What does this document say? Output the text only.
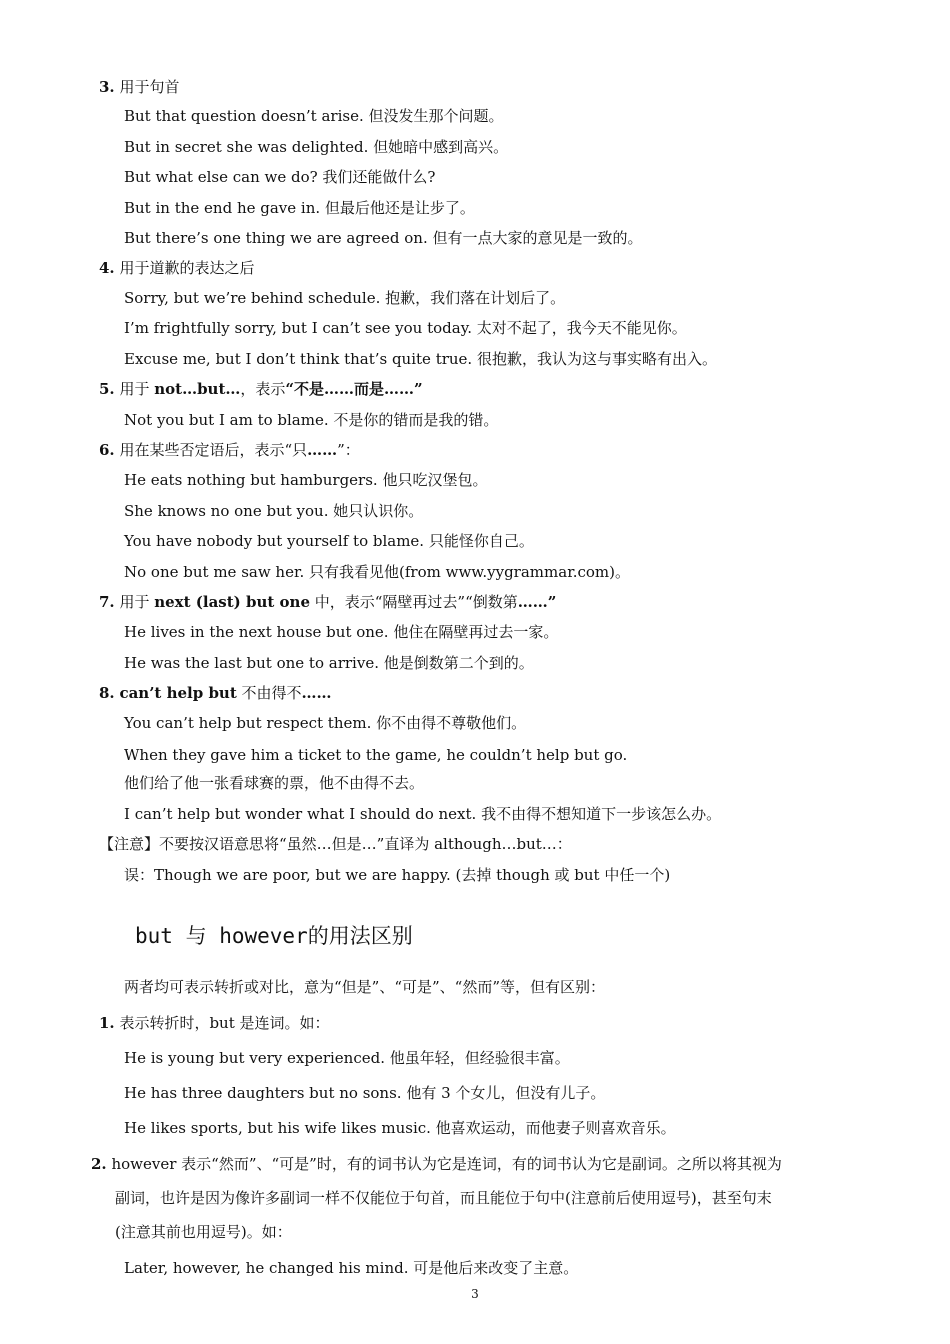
3. 用于句首
But that question doesn’t arise. 但没发生那个问题。
But in secret she was delighted. 但她暗中感到高兴。
But what else can we do? 我们还能做什么?
But in the end he gave in. 但最后他还是让步了。
But there’s one thing we are agreed on. 但有一点大家的意见是一致的。
4. 用于道歉的表达之后
Sorry, but we’re behind schedule. 抱歉，我们落在计划后了。
I’m frightfully sorry, but I can’t see you today. 太对不起了，我今天不能见你。
Excuse me, but I don’t think that’s quite true. 很抱歉，我认为这与事实略有出入。
5. 用于 not…but…，表示“不是……而是……”
Not you but I am to blame. 不是你的错而是我的错。
6. 用在某些否定语后，表示“只……”：
He eats nothing but hamburgers. 他只吃汉堡包。
She knows no one but you. 她只认识你。
You have nobody but yourself to blame. 只能怪你自己。
No one but me saw her. 只有我看见他(from www.yygrammar.com)。
7. 用于 next (last) but one 中，表示“隔壁再过去”“倒数第……”
He lives in the next house but one. 他住在隔壁再过去一家。
He was the last but one to arrive. 他是倒数第二个到的。
8. can’t help but 不由得不……
You can’t help but respect them. 你不由得不尊敬他们。
When they gave him a ticket to the game, he couldn’t help but go.
他们给了他一张看球赛的票，他不由得不去。
I can’t help but wonder what I should do next. 我不由得不想知道下一步该怎么办。
【注意】不要按汉语意思将“虽然…但是…”直译为 although…but…：
误：Though we are poor, but we are happy. (去掉 though 或 but 中任一个)
but 与 however的用法区别
两者均可表示转折或对比，意为“但是”、“可是”、“然而”等，但有区别：
1. 表示转折时，but 是连词。如：
He is young but very experienced. 他虽年轻，但经验很丰富。
He has three daughters but no sons. 他有 3 个女儿，但没有儿子。
He likes sports, but his wife likes music. 他喜欢运动，而他妻子则喜欢音乐。
2. however 表示“然而”、“可是”时，有的词书认为它是连词，有的词书认为它是副词。之所以将其视为
副词，也许是因为像许多副词一样不仅能位于句首，而且能位于句中(注意前后使用逗号)，甚至句末
(注意其前也用逗号)。如：
Later, however, he changed his mind. 可是他后来改变了主意。
3
